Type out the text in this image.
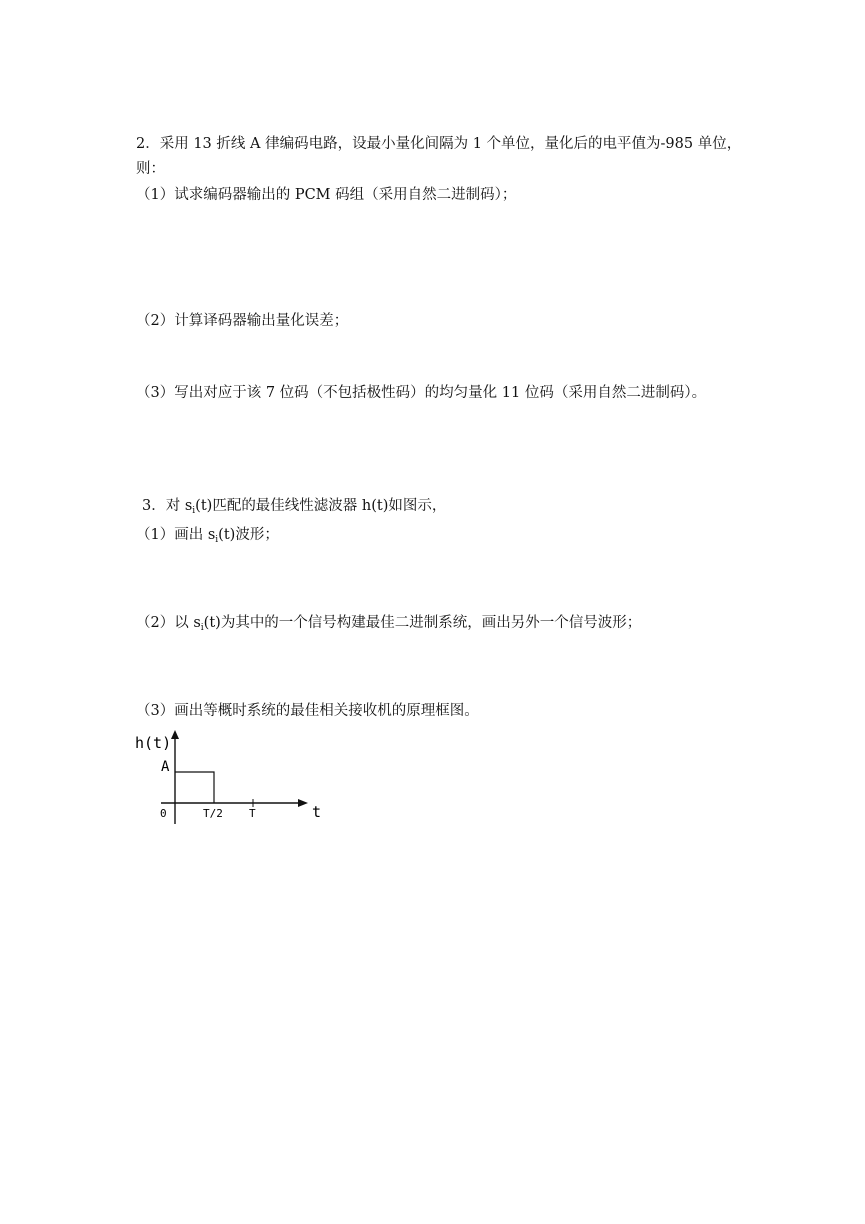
2．采用 13 折线 A 律编码电路，设最小量化间隔为 1 个单位，量化后的电平值为-985 单位，
则：
（1）试求编码器输出的 PCM 码组（采用自然二进制码）；
（2）计算译码器输出量化误差；
（3）写出对应于该 7 位码（不包括极性码）的均匀量化 11 位码（采用自然二进制码）。
3．对 $s_i(t)$匹配的最佳线性滤波器 h(t)如图示，
（1）画出 $s_i(t)$波形；
（2）以 $s_i(t)$为其中的一个信号构建最佳二进制系统，画出另外一个信号波形；
（3）画出等概时系统的最佳相关接收机的原理框图。
h(t)
A
t
0	T/2 T
